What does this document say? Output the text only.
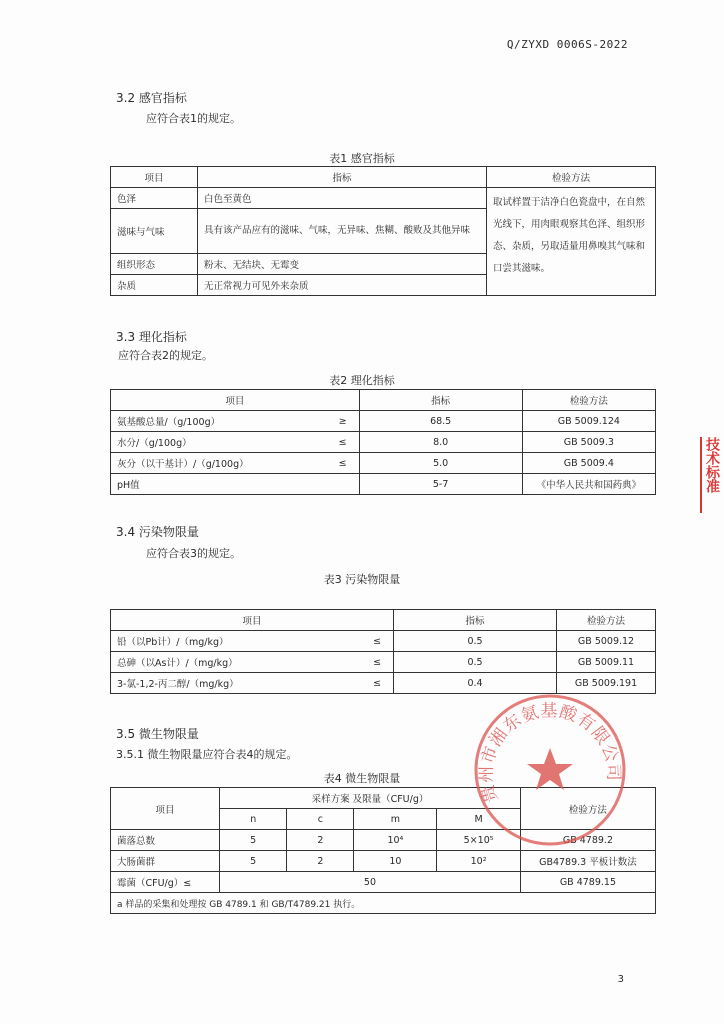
Q/ZYXD 0006S-2022
3.2 感官指标
应符合表1的规定。
表1 感官指标
项目	指标	检验方法
色泽	白色至黄色	取试样置于洁净白色瓷盘中，在自然光线下，用肉眼观察其色泽、组织形态、杂质，另取适量用鼻嗅其气味和口尝其滋味。
滋味与气味	具有该产品应有的滋味、气味，无异味、焦糊、酸败及其他异味	
组织形态	粉末、无结块、无霉变	
杂质	无正常视力可见外来杂质	
3.3 理化指标
应符合表2的规定。
表2 理化指标
项目		指标	检验方法
氨基酸总量/（g/100g）	≥	68.5	GB 5009.124
水分/（g/100g）	≤	8.0	GB 5009.3
灰分（以干基计）/（g/100g）	≤	5.0	GB 5009.4
pH值		5-7	《中华人民共和国药典》
3.4 污染物限量
应符合表3的规定。
表3 污染物限量
项目		指标	检验方法
铅（以Pb计）/（mg/kg）	≤	0.5	GB 5009.12
总砷（以As计）/（mg/kg）	≤	0.5	GB 5009.11
3-氯-1,2-丙二醇/（mg/kg）	≤	0.4	GB 5009.191
3.5 微生物限量
3.5.1 微生物限量应符合表4的规定。
表4 微生物限量
项目	采样方案 及限量（CFU/g）				检验方法
	n	c	m	M	
菌落总数	5	2	10⁴	5×10⁵	GB 4789.2
大肠菌群	5	2	10	10²	GB4789.3 平板计数法
霉菌（CFU/g）≤	50				GB 4789.15
a 样品的采集和处理按 GB 4789.1 和 GB/T4789.21 执行。					
贵州市湘东氨基酸有限公司
技术标准
3
